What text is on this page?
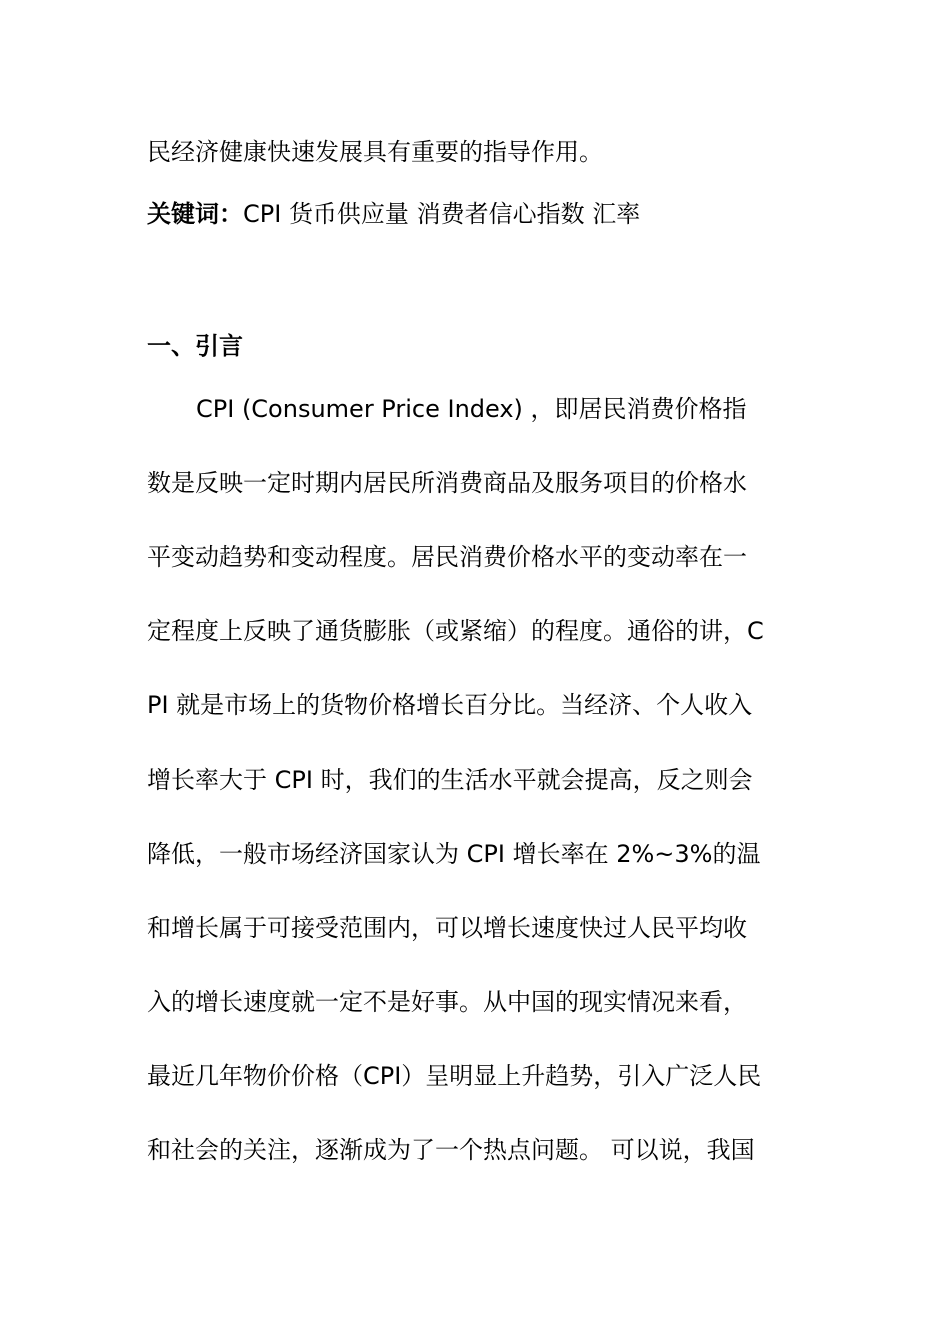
民经济健康快速发展具有重要的指导作用。
关键词：CPI 货币供应量 消费者信心指数 汇率
一、引言
CPI (Consumer Price Index) ，即居民消费价格指
数是反映一定时期内居民所消费商品及服务项目的价格水
平变动趋势和变动程度。居民消费价格水平的变动率在一
定程度上反映了通货膨胀（或紧缩）的程度。通俗的讲，C
PI 就是市场上的货物价格增长百分比。当经济、个人收入
增长率大于 CPI 时，我们的生活水平就会提高，反之则会
降低，一般市场经济国家认为 CPI 增长率在 2%~3%的温
和增长属于可接受范围内，可以增长速度快过人民平均收
入的增长速度就一定不是好事。从中国的现实情况来看，
最近几年物价价格（CPI）呈明显上升趋势，引入广泛人民
和社会的关注，逐渐成为了一个热点问题。 可以说，我国
